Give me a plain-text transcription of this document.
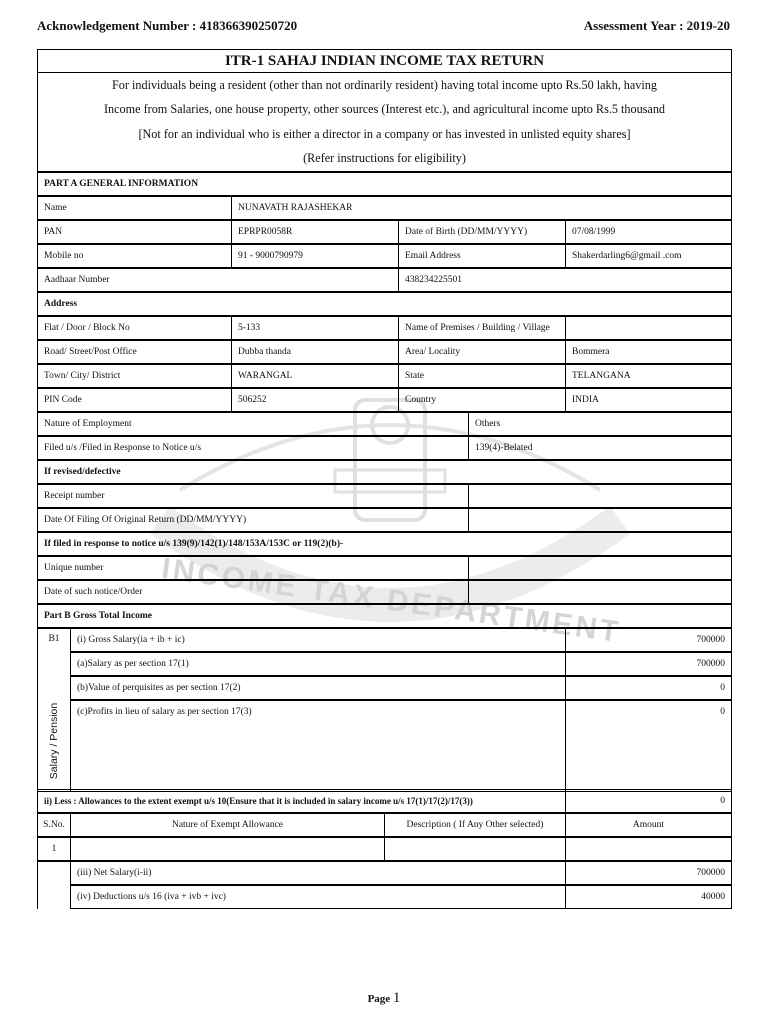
Acknowledgement Number : 418366390250720	Assessment Year : 2019-20
ITR-1 SAHAJ INDIAN INCOME TAX RETURN
For individuals being a resident (other than not ordinarily resident) having total income upto Rs.50 lakh, having
Income from Salaries, one house property, other sources (Interest etc.), and agricultural income upto Rs.5 thousand
[Not for an individual who is either a director in a company or has invested in unlisted equity shares]
(Refer instructions for eligibility)
INCOME TAX DEPARTMENT
PART A GENERAL INFORMATION
Name	NUNAVATH RAJASHEKAR
PAN	EPRPR0058R	Date of Birth (DD/MM/YYYY)	07/08/1999
Mobile no	91 - 9000790979	Email Address	Shakerdarling6@gmail .com
Aadhaar Number	438234225501
Address
Flat / Door / Block No	5-133	Name of Premises / Building / Village
Road/ Street/Post Office	Dubba thanda	Area/ Locality	Bommera
Town/ City/ District	WARANGAL	State	TELANGANA
PIN Code	506252	Country	INDIA
Nature of Employment	Others
Filed u/s /Filed in Response to Notice u/s	139(4)-Belated
If revised/defective
Receipt number
Date Of Filing Of Original Return (DD/MM/YYYY)
If filed in response to notice u/s 139(9)/142(1)/148/153A/153C or 119(2)(b)-
Unique number
Date of such notice/Order
Part B Gross Total Income
B1
Salary / Pension
(i) Gross Salary(ia + ib + ic)	700000
(a)Salary as per section 17(1)	700000
(b)Value of perquisites as per section 17(2)	0
(c)Profits in lieu of salary as per section 17(3)	0
ii) Less : Allowances to the extent exempt u/s 10(Ensure that it is included in salary income u/s 17(1)/17(2)/17(3))	0
S.No.	Nature of Exempt Allowance	Description ( If Any Other selected)	Amount
1
(iii) Net Salary(i-ii)	700000
(iv) Deductions u/s 16 (iva + ivb + ivc)	40000
Page 1
